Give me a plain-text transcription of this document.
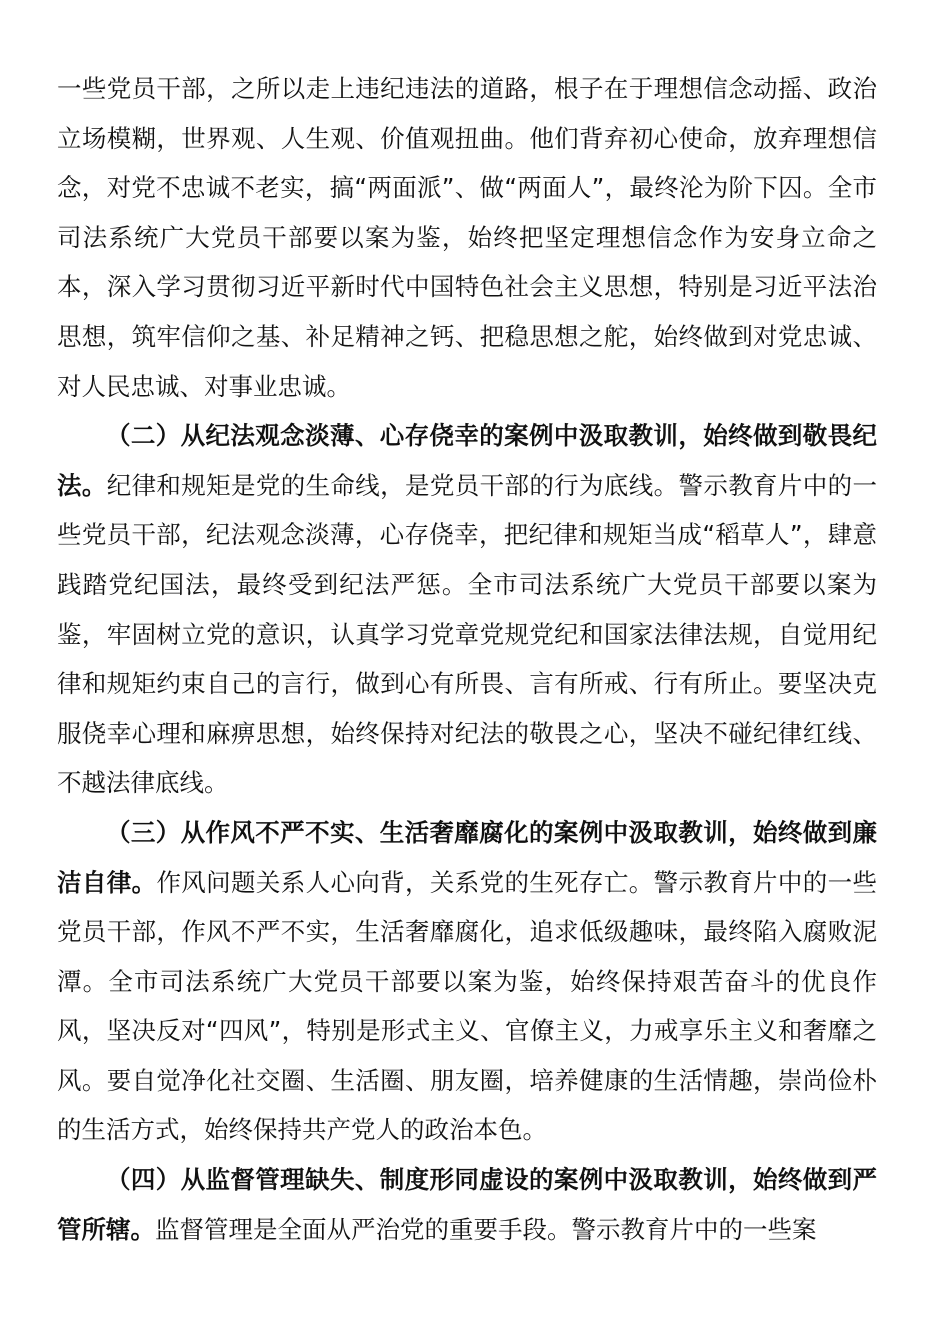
一些党员干部，之所以走上违纪违法的道路，根子在于理想信念动摇、政治立场模糊，世界观、人生观、价值观扭曲。他们背弃初心使命，放弃理想信念，对党不忠诚不老实，搞“两面派”、做“两面人”，最终沦为阶下囚。全市司法系统广大党员干部要以案为鉴，始终把坚定理想信念作为安身立命之本，深入学习贯彻习近平新时代中国特色社会主义思想，特别是习近平法治思想，筑牢信仰之基、补足精神之钙、把稳思想之舵，始终做到对党忠诚、对人民忠诚、对事业忠诚。

（二）从纪法观念淡薄、心存侥幸的案例中汲取教训，始终做到敬畏纪法。纪律和规矩是党的生命线，是党员干部的行为底线。警示教育片中的一些党员干部，纪法观念淡薄，心存侥幸，把纪律和规矩当成“稻草人”，肆意践踏党纪国法，最终受到纪法严惩。全市司法系统广大党员干部要以案为鉴，牢固树立党的意识，认真学习党章党规党纪和国家法律法规，自觉用纪律和规矩约束自己的言行，做到心有所畏、言有所戒、行有所止。要坚决克服侥幸心理和麻痹思想，始终保持对纪法的敬畏之心，坚决不碰纪律红线、不越法律底线。

（三）从作风不严不实、生活奢靡腐化的案例中汲取教训，始终做到廉洁自律。作风问题关系人心向背，关系党的生死存亡。警示教育片中的一些党员干部，作风不严不实，生活奢靡腐化，追求低级趣味，最终陷入腐败泥潭。全市司法系统广大党员干部要以案为鉴，始终保持艰苦奋斗的优良作风，坚决反对“四风”，特别是形式主义、官僚主义，力戒享乐主义和奢靡之风。要自觉净化社交圈、生活圈、朋友圈，培养健康的生活情趣，崇尚俭朴的生活方式，始终保持共产党人的政治本色。

（四）从监督管理缺失、制度形同虚设的案例中汲取教训，始终做到严管所辖。监督管理是全面从严治党的重要手段。警示教育片中的一些案
